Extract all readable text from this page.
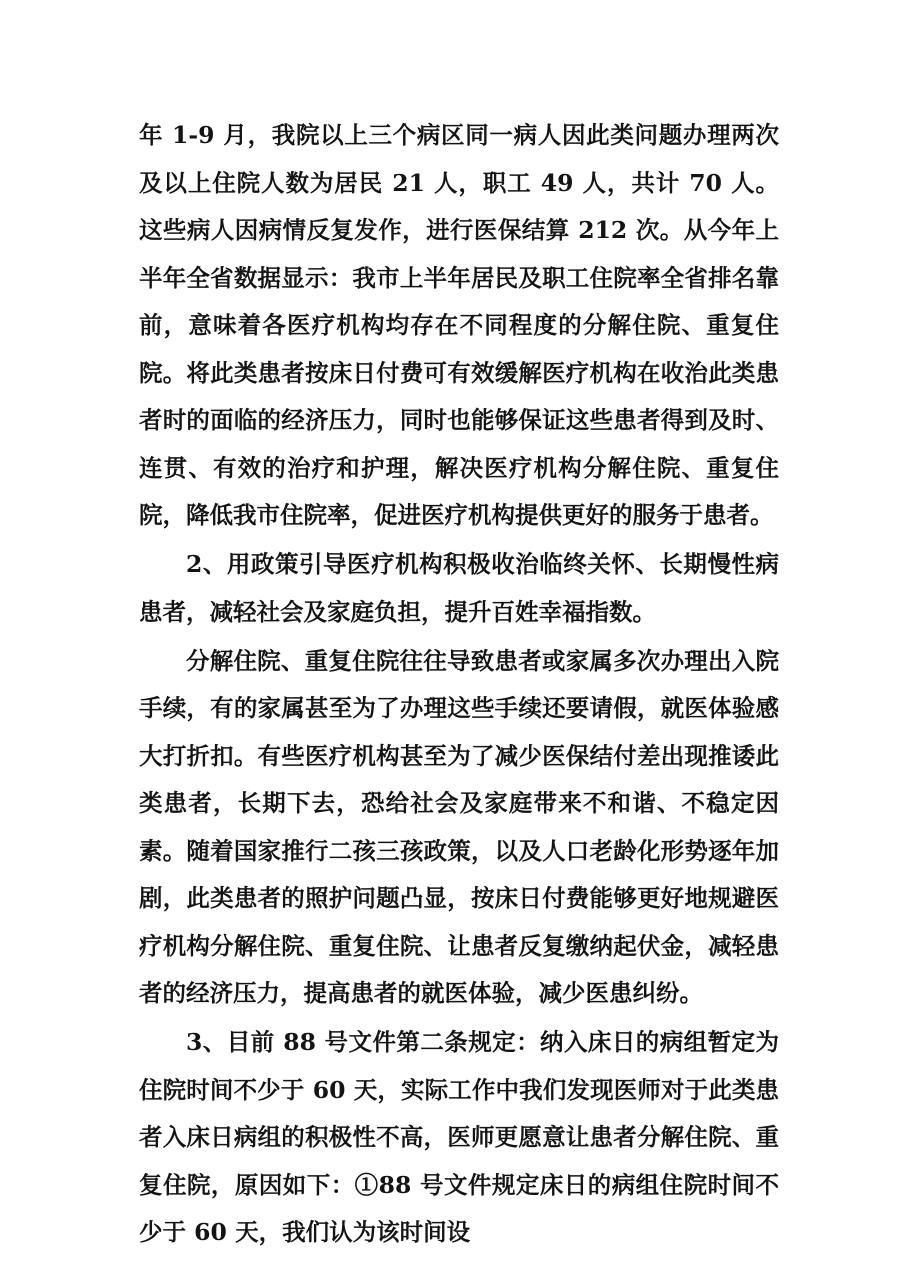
年 1-9 月，我院以上三个病区同一病人因此类问题办理两次及以上住院人数为居民 21 人，职工 49 人，共计 70 人。这些病人因病情反复发作，进行医保结算 212 次。从今年上半年全省数据显示：我市上半年居民及职工住院率全省排名靠前，意味着各医疗机构均存在不同程度的分解住院、重复住院。将此类患者按床日付费可有效缓解医疗机构在收治此类患者时的面临的经济压力，同时也能够保证这些患者得到及时、连贯、有效的治疗和护理，解决医疗机构分解住院、重复住院，降低我市住院率，促进医疗机构提供更好的服务于患者。

2、用政策引导医疗机构积极收治临终关怀、长期慢性病患者，减轻社会及家庭负担，提升百姓幸福指数。

分解住院、重复住院往往导致患者或家属多次办理出入院手续，有的家属甚至为了办理这些手续还要请假，就医体验感大打折扣。有些医疗机构甚至为了减少医保结付差出现推诿此类患者，长期下去，恐给社会及家庭带来不和谐、不稳定因素。随着国家推行二孩三孩政策，以及人口老龄化形势逐年加剧，此类患者的照护问题凸显，按床日付费能够更好地规避医疗机构分解住院、重复住院、让患者反复缴纳起伏金，减轻患者的经济压力，提高患者的就医体验，减少医患纠纷。

3、目前 88 号文件第二条规定：纳入床日的病组暂定为住院时间不少于 60 天，实际工作中我们发现医师对于此类患者入床日病组的积极性不高，医师更愿意让患者分解住院、重复住院，原因如下：①88 号文件规定床日的病组住院时间不少于 60 天，我们认为该时间设
